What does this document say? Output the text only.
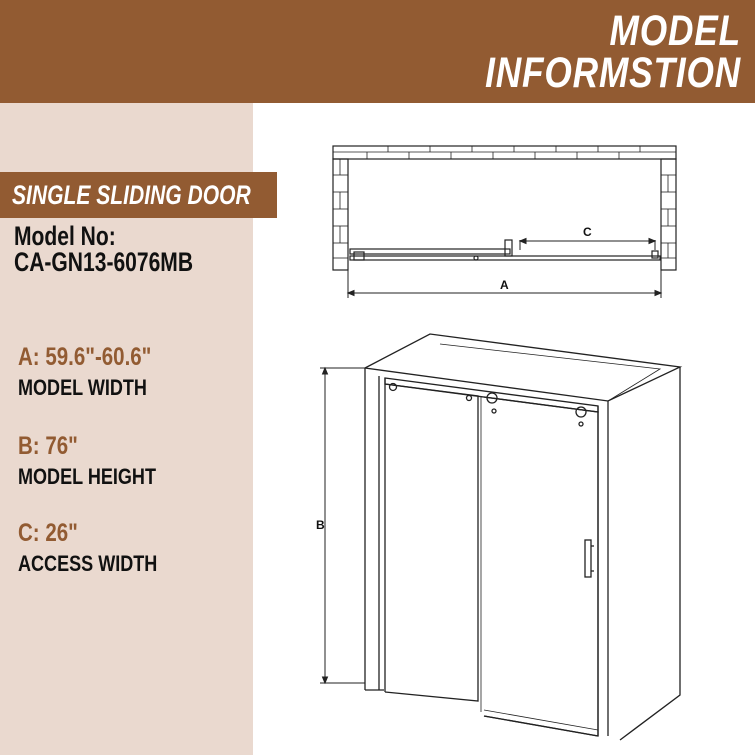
MODEL
INFORMSTION
SINGLE SLIDING DOOR
Model No:
CA-GN13-6076MB
A: 59.6"-60.6"
MODEL WIDTH
B: 76"
MODEL HEIGHT
C: 26"
ACCESS WIDTH
C
A
B
